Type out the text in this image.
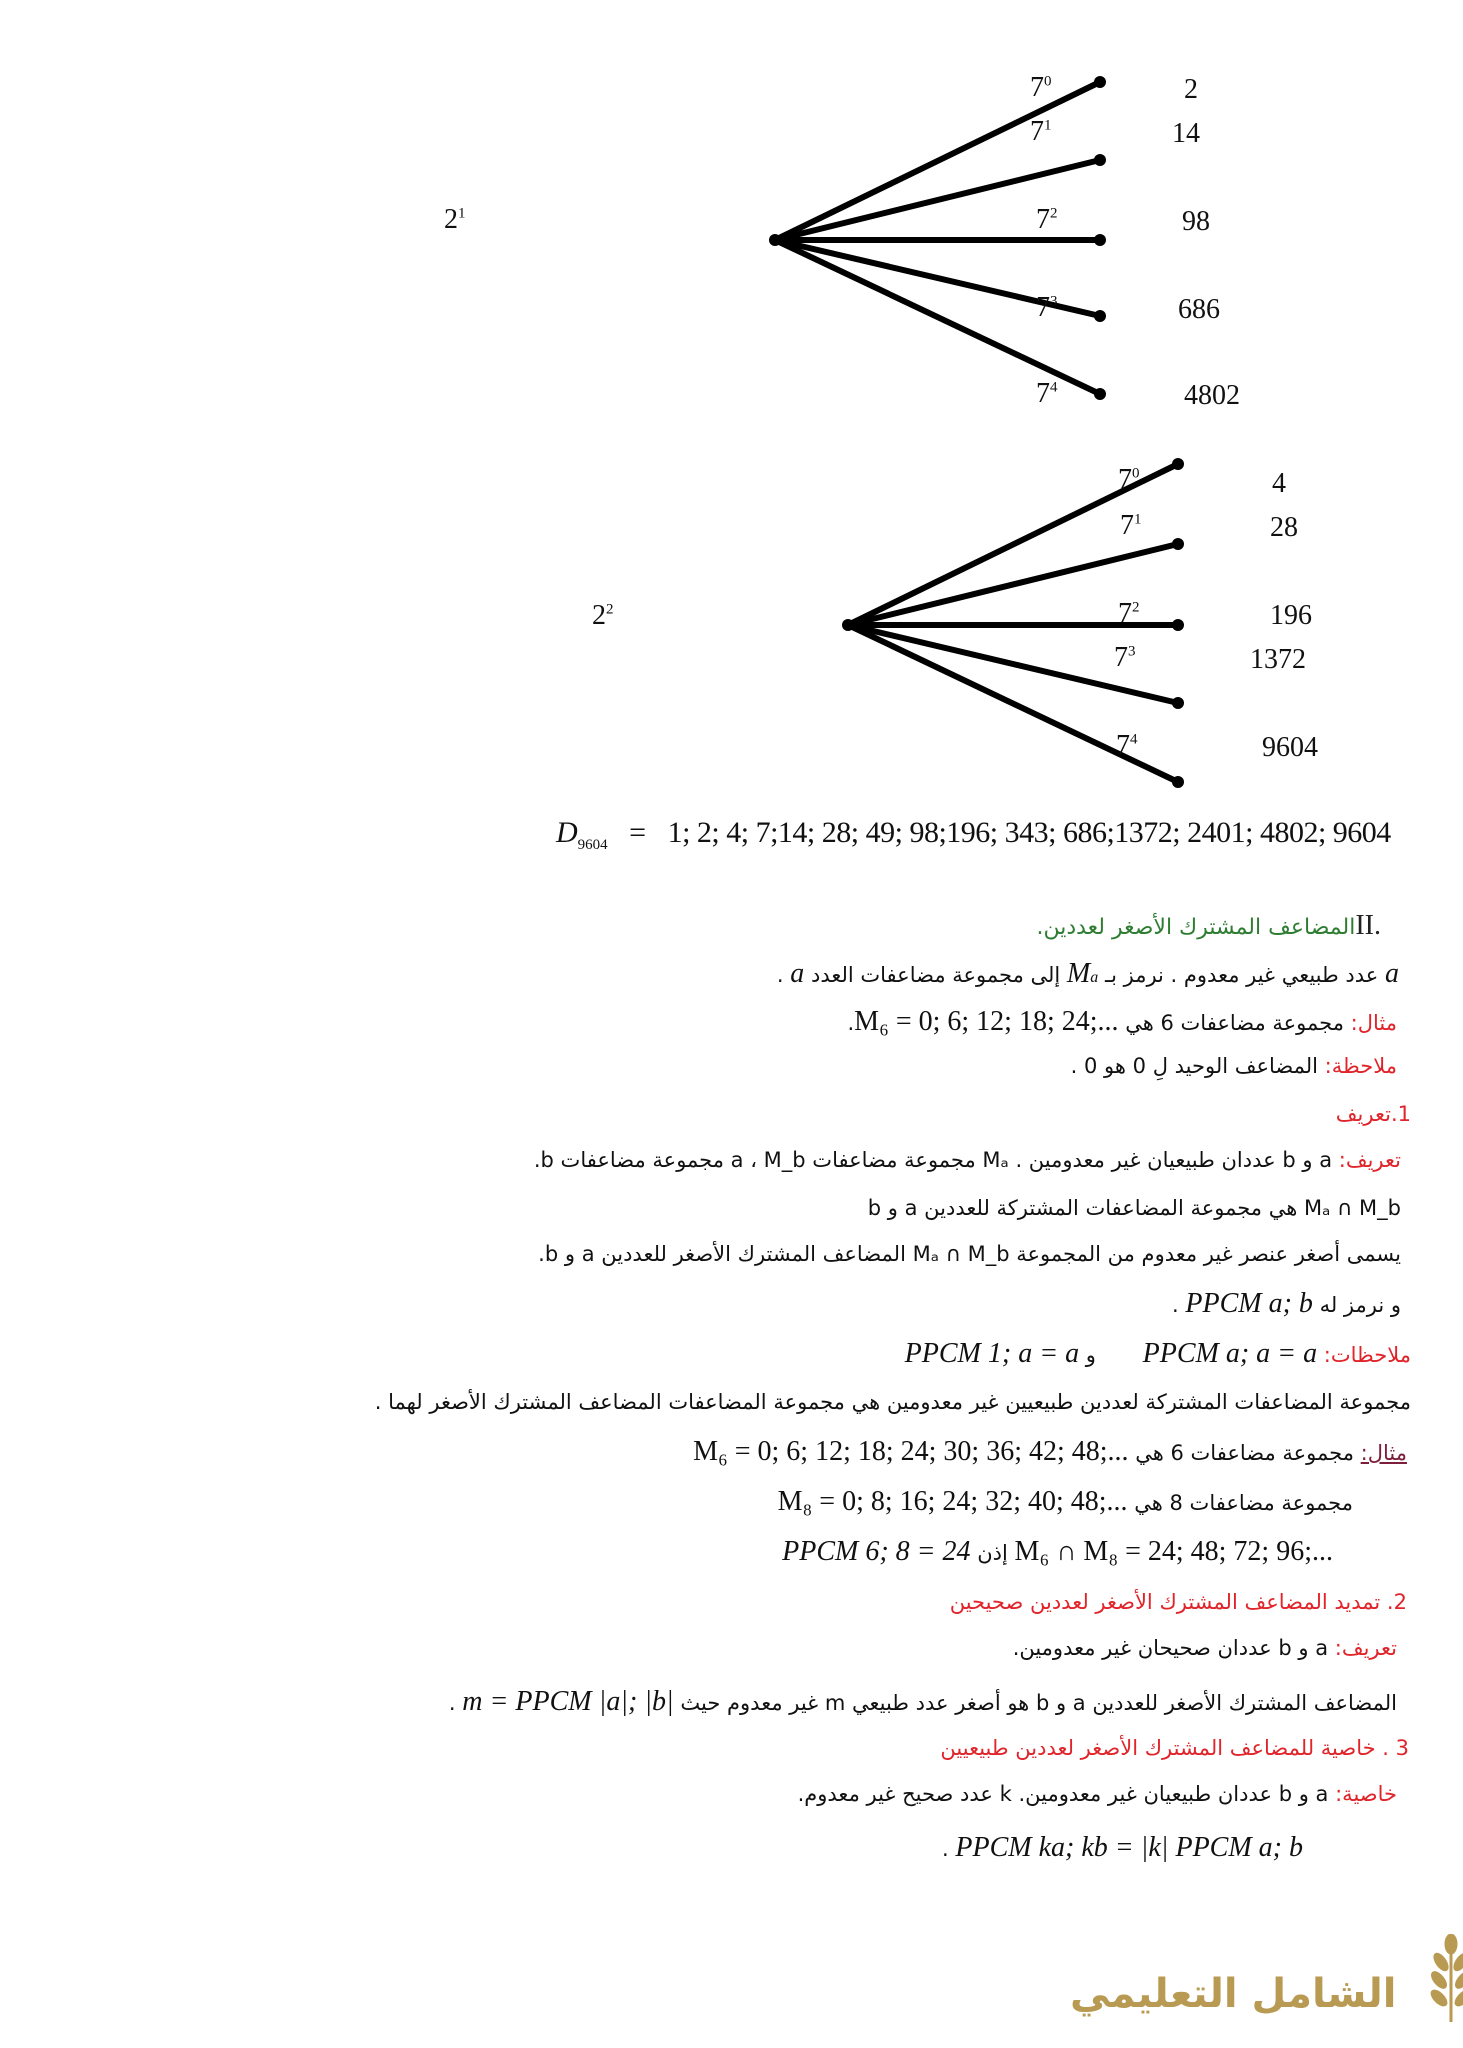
$2^1$
$7^0$
$7^1$
$7^2$
$7^3$
$7^4$
2
14
98
686
4802
$2^2$
$7^0$
$7^1$
$7^2$
$7^3$
$7^4$
4
28
196
1372
9604
$D_{9604} = 1$; 2; 4; 7;14; 28; 49; 98;196; 343; 686;1372; 2401; 4802; 9604
II.المضاعف المشترك الأصغر لعددين.
a عدد طبيعي غير معدوم . نرمز بـ Ma إلى مجموعة مضاعفات العدد a .
مثال: مجموعة مضاعفات 6 هي M₆ = 0; 6; 12; 18; 24;....
ملاحظة: المضاعف الوحيد لِ 0 هو 0 .
1.تعريف
تعريف: a و b عددان طبيعيان غير معدومين . Mₐ مجموعة مضاعفات a ، M_b مجموعة مضاعفات b.
Mₐ ∩ M_b هي مجموعة المضاعفات المشتركة للعددين a و b
يسمى أصغر عنصر غير معدوم من المجموعة Mₐ ∩ M_b المضاعف المشترك الأصغر للعددين a و b.
و نرمز له PPCM a; b .
ملاحظات: PPCM a; a = a و PPCM 1; a = a
مجموعة المضاعفات المشتركة لعددين طبيعيين غير معدومين هي مجموعة المضاعفات المضاعف المشترك الأصغر لهما .
مثال: مجموعة مضاعفات 6 هي M₆ = 0; 6; 12; 18; 24; 30; 36; 42; 48;...
مجموعة مضاعفات 8 هي M₈ = 0; 8; 16; 24; 32; 40; 48;...
M₆ ∩ M₈ = 24; 48; 72; 96;... إذن PPCM 6; 8 = 24
2. تمديد المضاعف المشترك الأصغر لعددين صحيحين
تعريف: a و b عددان صحيحان غير معدومين.
المضاعف المشترك الأصغر للعددين a و b هو أصغر عدد طبيعي m غير معدوم حيث m = PPCM |a|; |b| .
3 . خاصية للمضاعف المشترك الأصغر لعددين طبيعيين
خاصية: a و b عددان طبيعيان غير معدومين. k عدد صحيح غير معدوم.
PPCM ka; kb = |k| PPCM a; b .
الشامل التعليمي
